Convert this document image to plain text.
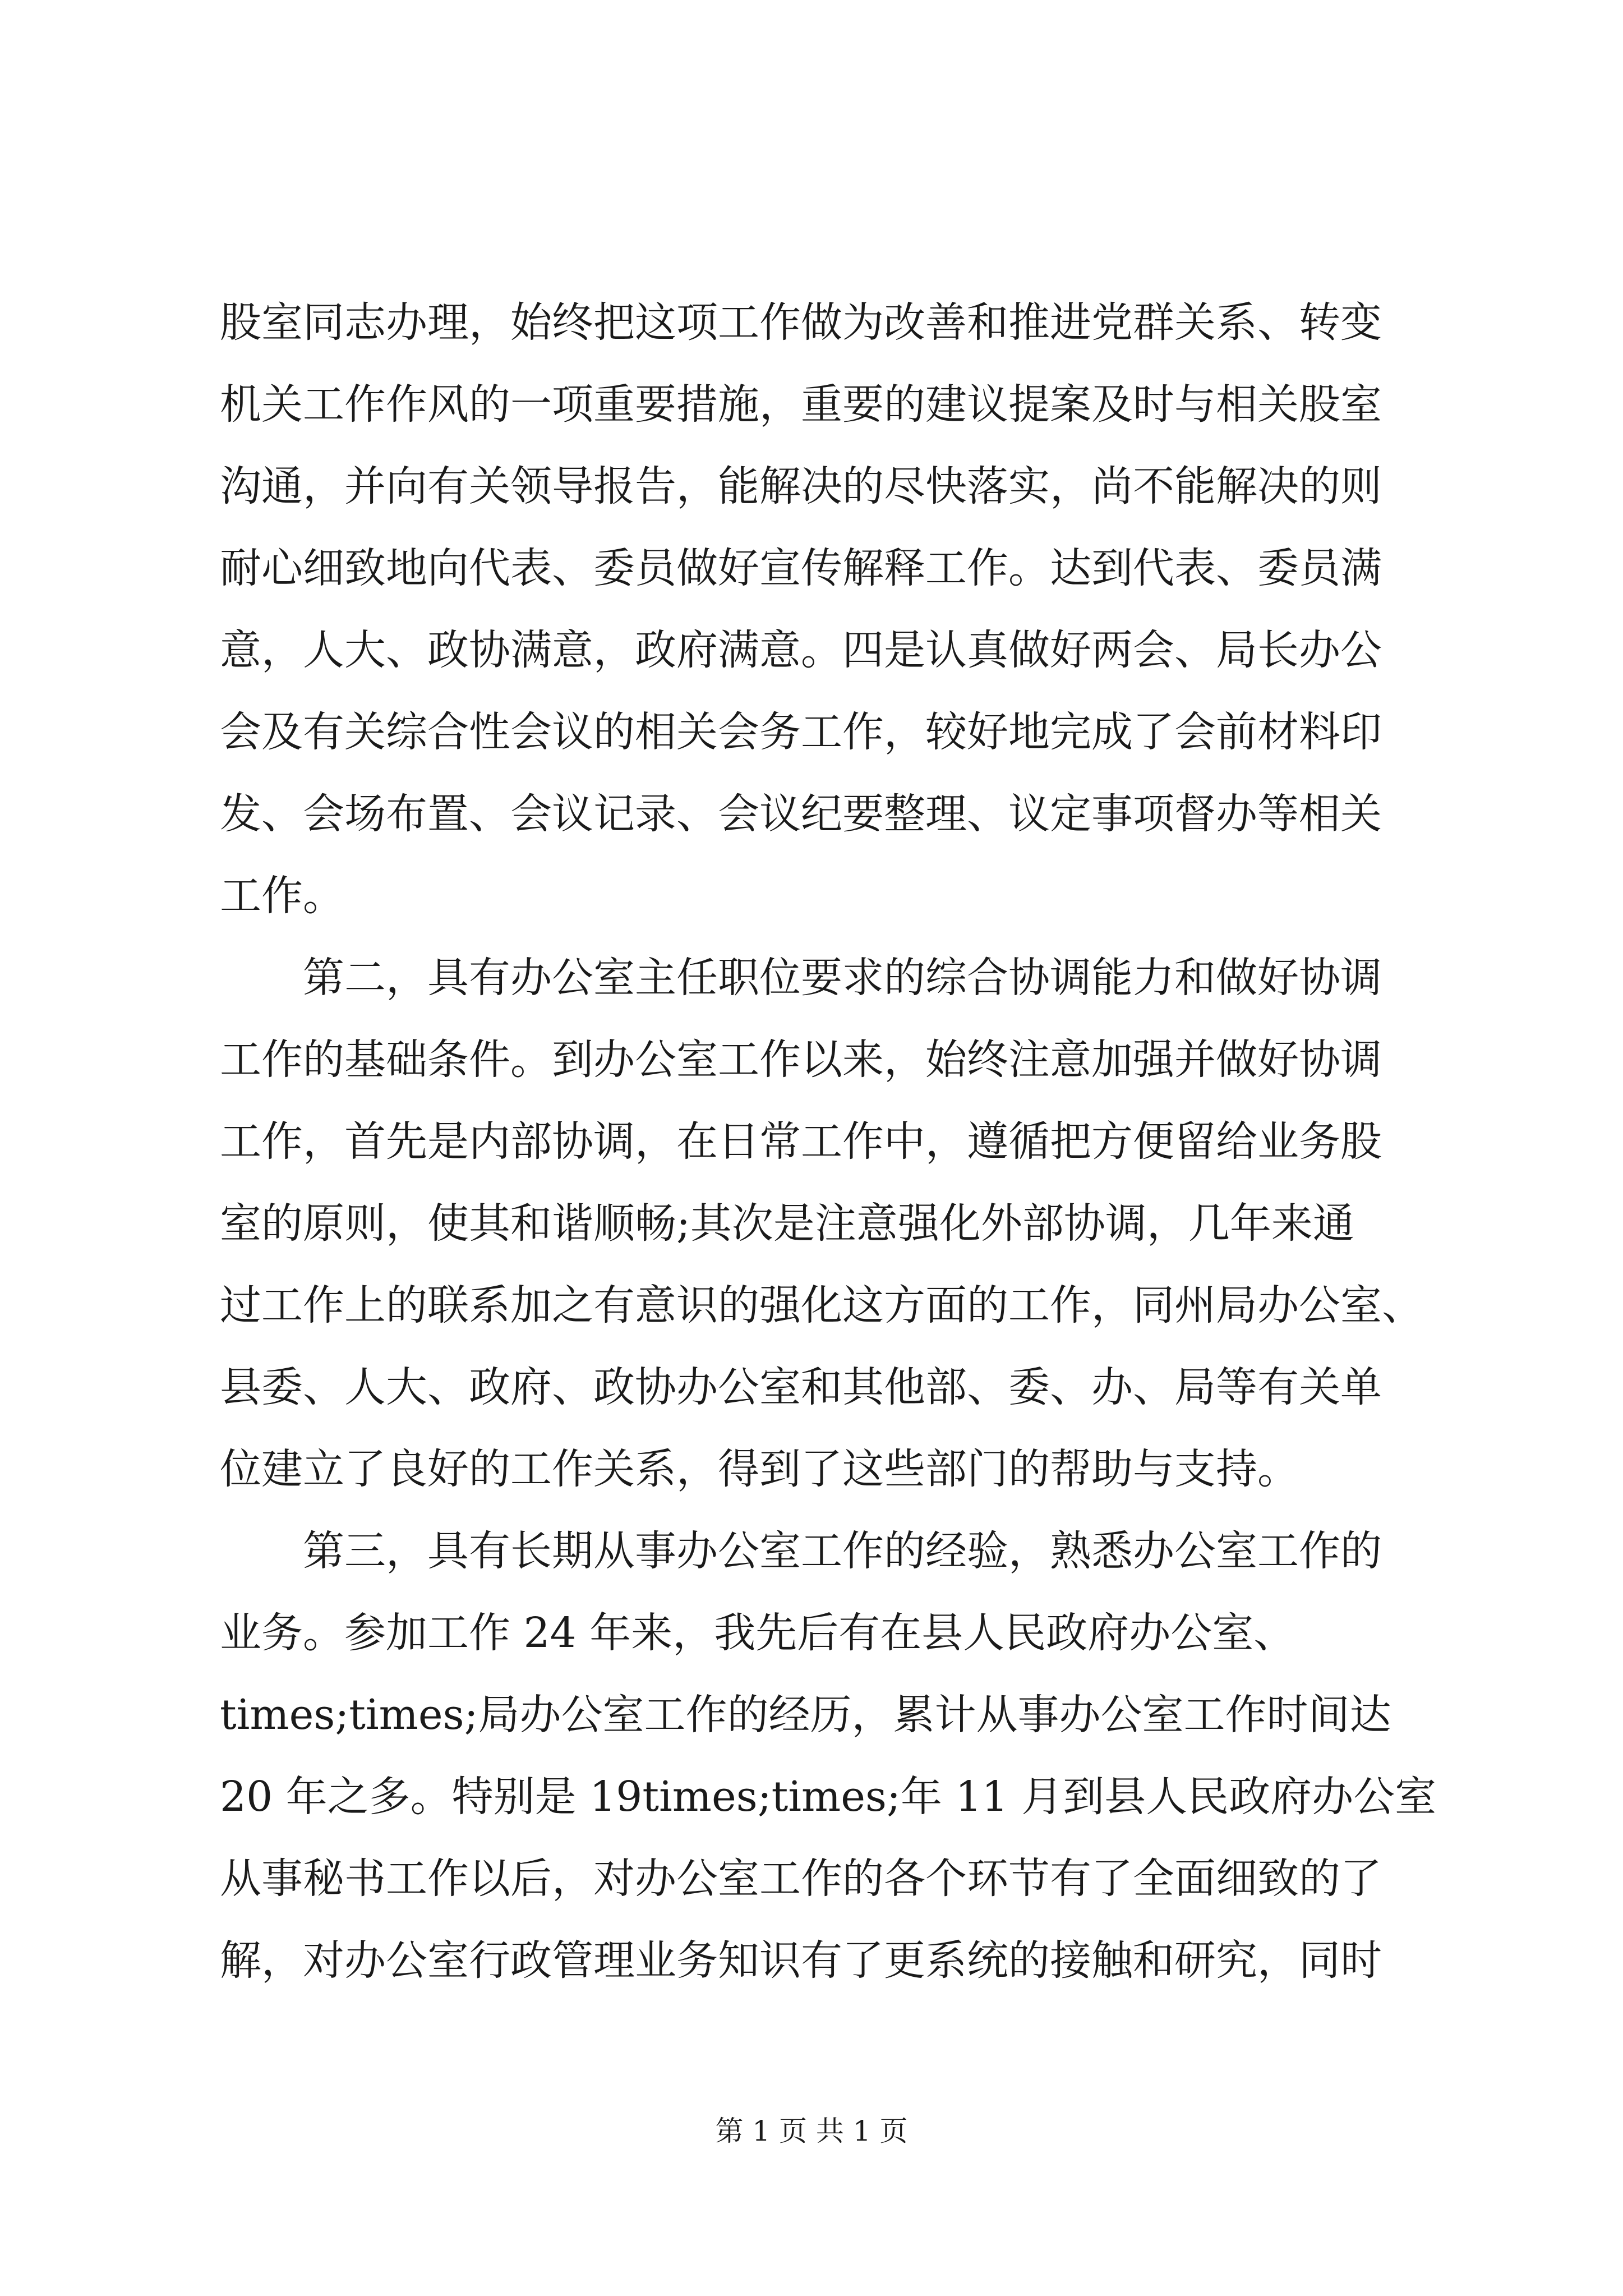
股室同志办理，始终把这项工作做为改善和推进党群关系、转变
机关工作作风的一项重要措施，重要的建议提案及时与相关股室
沟通，并向有关领导报告，能解决的尽快落实，尚不能解决的则
耐心细致地向代表、委员做好宣传解释工作。达到代表、委员满
意，人大、政协满意，政府满意。四是认真做好两会、局长办公
会及有关综合性会议的相关会务工作，较好地完成了会前材料印
发、会场布置、会议记录、会议纪要整理、议定事项督办等相关
工作。
第二，具有办公室主任职位要求的综合协调能力和做好协调
工作的基础条件。到办公室工作以来，始终注意加强并做好协调
工作，首先是内部协调，在日常工作中，遵循把方便留给业务股
室的原则，使其和谐顺畅;其次是注意强化外部协调，几年来通
过工作上的联系加之有意识的强化这方面的工作，同州局办公室、
县委、人大、政府、政协办公室和其他部、委、办、局等有关单
位建立了良好的工作关系，得到了这些部门的帮助与支持。
第三，具有长期从事办公室工作的经验，熟悉办公室工作的
业务。参加工作 24 年来，我先后有在县人民政府办公室、
times;times;局办公室工作的经历，累计从事办公室工作时间达
20 年之多。特别是 19times;times;年 11 月到县人民政府办公室
从事秘书工作以后，对办公室工作的各个环节有了全面细致的了
解，对办公室行政管理业务知识有了更系统的接触和研究，同时
第 1 页 共 1 页
